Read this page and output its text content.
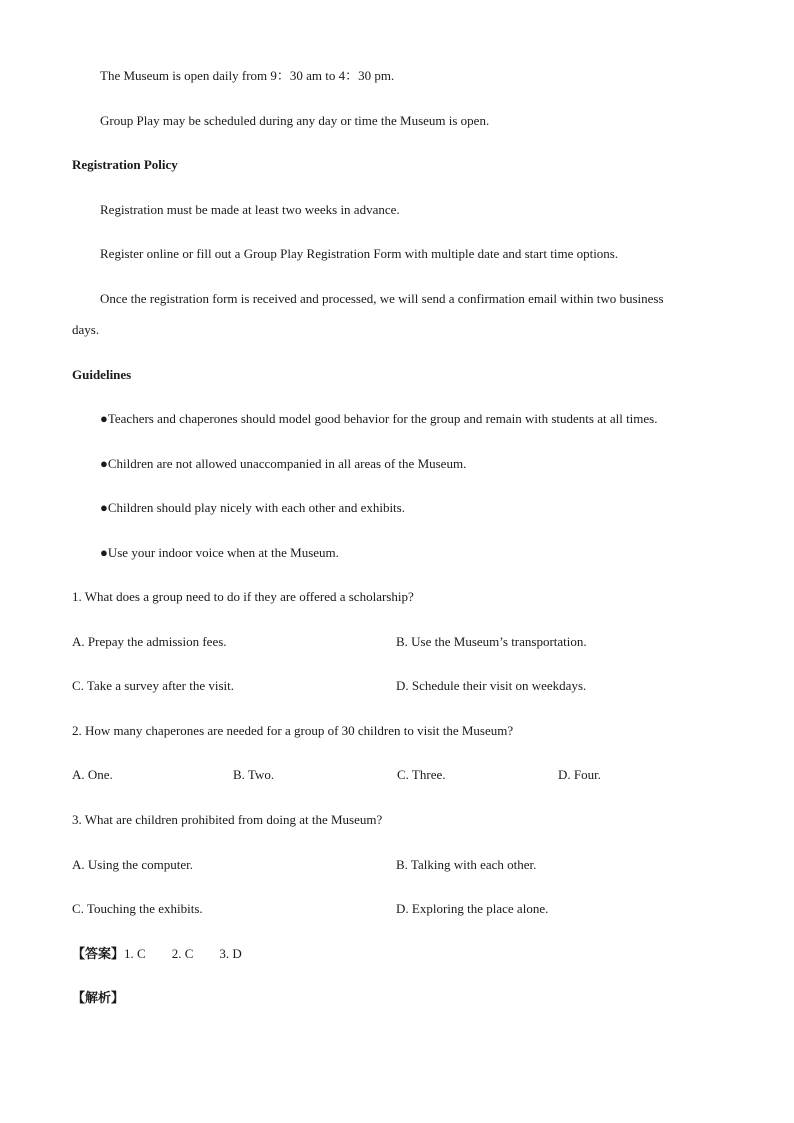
The Museum is open daily from 9：30 am to 4：30 pm.
Group Play may be scheduled during any day or time the Museum is open.
Registration Policy
Registration must be made at least two weeks in advance.
Register online or fill out a Group Play Registration Form with multiple date and start time options.
Once the registration form is received and processed, we will send a confirmation email within two business
days.
Guidelines
●Teachers and chaperones should model good behavior for the group and remain with students at all times.
●Children are not allowed unaccompanied in all areas of the Museum.
●Children should play nicely with each other and exhibits.
●Use your indoor voice when at the Museum.
1. What does a group need to do if they are offered a scholarship?
A. Prepay the admission fees.	B. Use the Museum’s transportation.
C. Take a survey after the visit.	D. Schedule their visit on weekdays.
2. How many chaperones are needed for a group of 30 children to visit the Museum?
A. One.	B. Two.	C. Three.	D. Four.
3. What are children prohibited from doing at the Museum?
A. Using the computer.	B. Talking with each other.
C. Touching the exhibits.	D. Exploring the place alone.
【答案】1. C 2. C 3. D
【解析】
